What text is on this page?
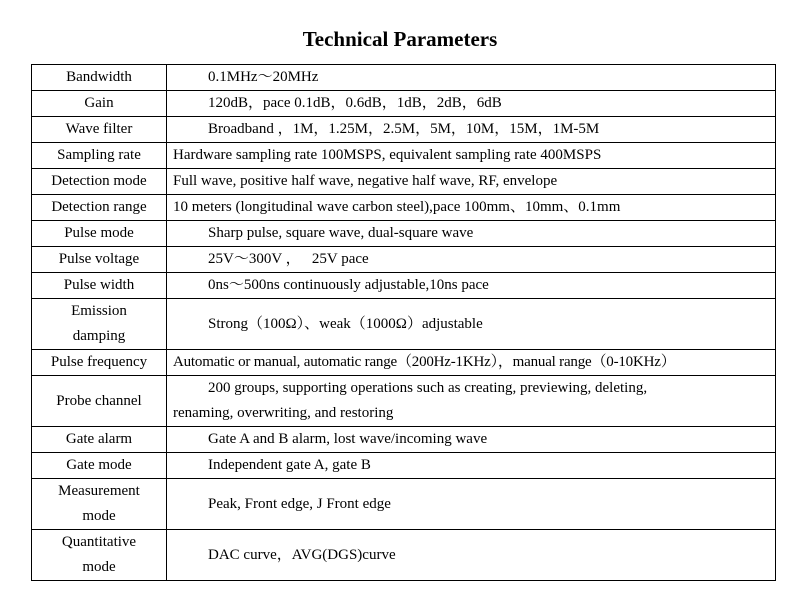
Technical Parameters
Bandwidth	0.1MHz～20MHz
Gain	120dB，pace 0.1dB，0.6dB，1dB，2dB，6dB
Wave filter	Broadband ，1M，1.25M，2.5M，5M，10M，15M，1M-5M
Sampling rate	Hardware sampling rate 100MSPS, equivalent sampling rate 400MSPS
Detection mode	Full wave, positive half wave, negative half wave, RF, envelope
Detection range	10 meters (longitudinal wave carbon steel),pace 100mm、10mm、0.1mm
Pulse mode	Sharp pulse, square wave, dual-square wave
Pulse voltage	25V～300V ，   25V pace
Pulse width	0ns～500ns continuously adjustable,10ns pace
Emission damping	Strong（100Ω）、weak（1000Ω）adjustable
Pulse frequency	Automatic or manual, automatic range（200Hz-1KHz），manual range（0-10KHz）
Probe channel	200 groups, supporting operations such as creating, previewing, deleting, renaming, overwriting, and restoring

Gate alarm	Gate A and B alarm, lost wave/incoming wave
Gate mode	Independent gate A, gate B
Measurement mode	Peak, Front edge, J Front edge
Quantitative mode	DAC curve，AVG(DGS)curve
